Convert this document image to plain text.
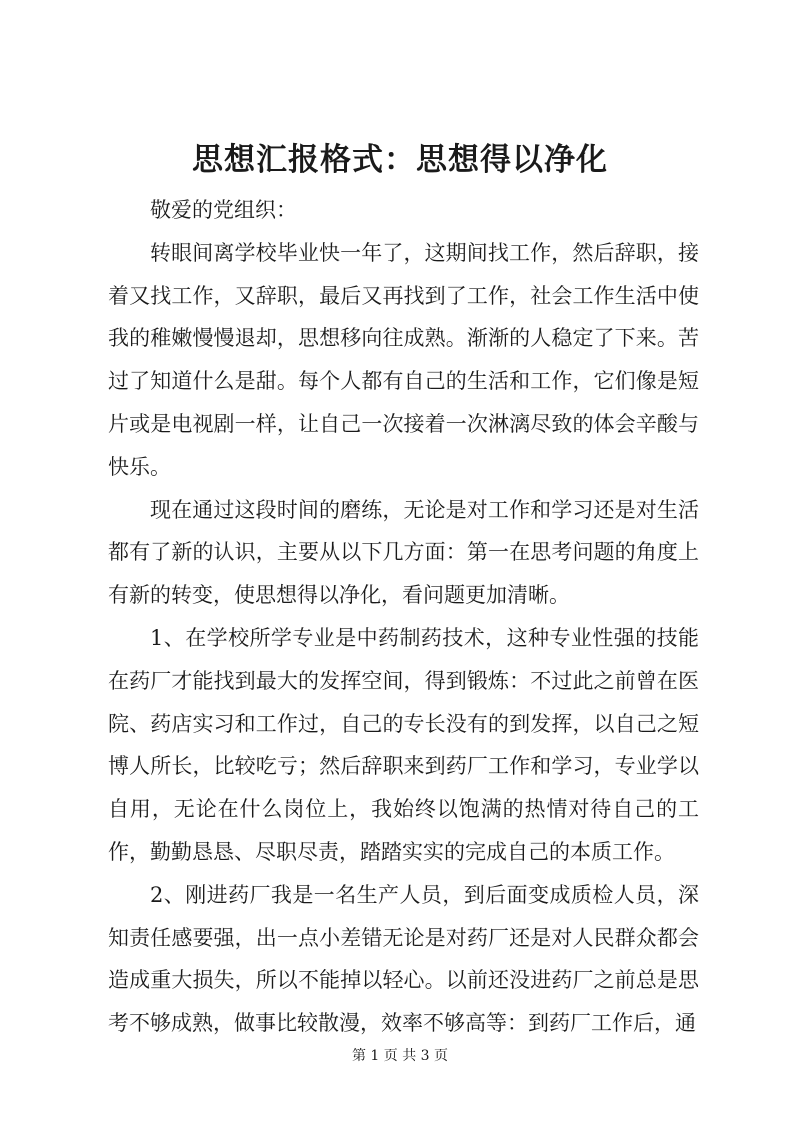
思想汇报格式：思想得以净化

敬爱的党组织：

转眼间离学校毕业快一年了，这期间找工作，然后辞职，接着又找工作，又辞职，最后又再找到了工作，社会工作生活中使我的稚嫩慢慢退却，思想移向往成熟。渐渐的人稳定了下来。苦过了知道什么是甜。每个人都有自己的生活和工作，它们像是短片或是电视剧一样，让自己一次接着一次淋漓尽致的体会辛酸与快乐。

现在通过这段时间的磨练，无论是对工作和学习还是对生活都有了新的认识，主要从以下几方面：第一在思考问题的角度上有新的转变，使思想得以净化，看问题更加清晰。

1、在学校所学专业是中药制药技术，这种专业性强的技能在药厂才能找到最大的发挥空间，得到锻炼：不过此之前曾在医院、药店实习和工作过，自己的专长没有的到发挥，以自己之短博人所长，比较吃亏；然后辞职来到药厂工作和学习，专业学以自用，无论在什么岗位上，我始终以饱满的热情对待自己的工作，勤勤恳恳、尽职尽责，踏踏实实的完成自己的本质工作。

2、刚进药厂我是一名生产人员，到后面变成质检人员，深知责任感要强，出一点小差错无论是对药厂还是对人民群众都会造成重大损失，所以不能掉以轻心。以前还没进药厂之前总是思考不够成熟，做事比较散漫，效率不够高等：到药厂工作后，通

第 1 页 共 3 页
